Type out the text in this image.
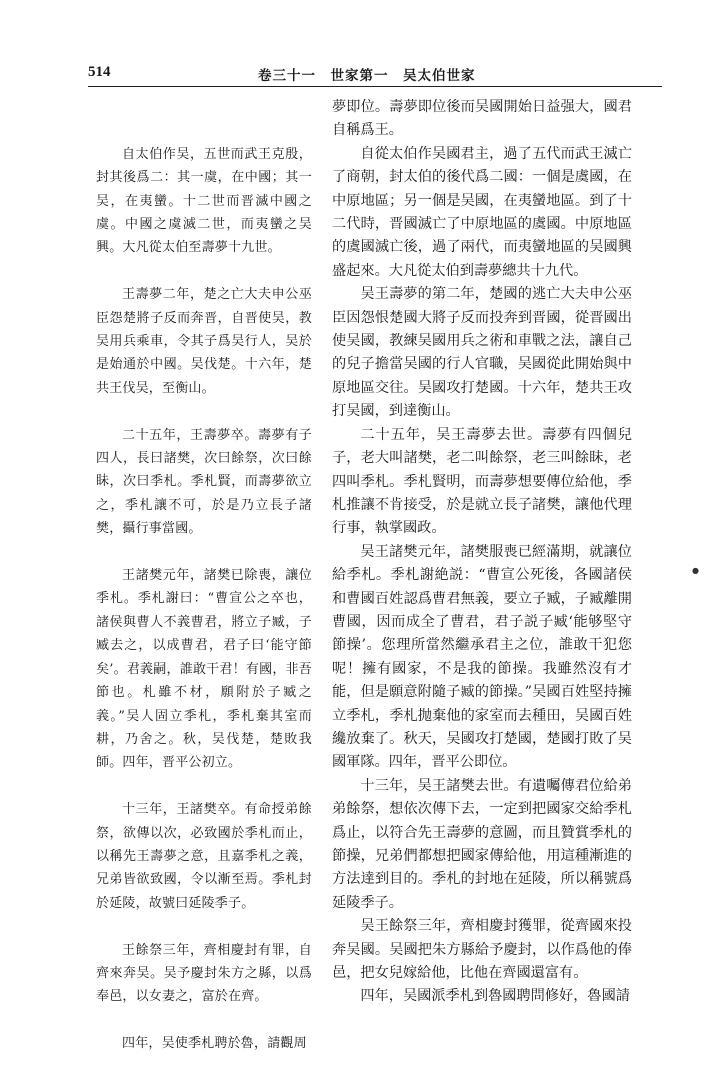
514	卷三十一　世家第一　吴太伯世家

自太伯作吴，五世而武王克殷，封其後爲二：其一虞，在中國；其一吴，在夷蠻。十二世而晋滅中國之虞。中國之虞滅二世，而夷蠻之吴興。大凡從太伯至壽夢十九世。

王壽夢二年，楚之亡大夫申公巫臣怨楚將子反而奔晋，自晋使吴，教吴用兵乘車，令其子爲吴行人，吴於是始通於中國。吴伐楚。十六年，楚共王伐吴，至衡山。

二十五年，王壽夢卒。壽夢有子四人，長曰諸樊，次曰餘祭，次曰餘眛，次曰季札。季札賢，而壽夢欲立之，季札讓不可，於是乃立長子諸樊，攝行事當國。

王諸樊元年，諸樊已除喪，讓位季札。季札謝曰：“曹宣公之卒也，諸侯與曹人不義曹君，將立子臧，子臧去之，以成曹君，君子曰‘能守節矣’。君義嗣，誰敢干君！有國，非吾節也。札雖不材，願附於子臧之義。”吴人固立季札，季札棄其室而耕，乃舍之。秋，吴伐楚，楚敗我師。四年，晋平公初立。

十三年，王諸樊卒。有命授弟餘祭，欲傳以次，必致國於季札而止，以稱先王壽夢之意，且嘉季札之義，兄弟皆欲致國，令以漸至焉。季札封於延陵，故號曰延陵季子。

王餘祭三年，齊相慶封有罪，自齊來奔吴。吴予慶封朱方之縣，以爲奉邑，以女妻之，富於在齊。

四年，吴使季札聘於魯，請觀周

夢即位。壽夢即位後而吴國開始日益强大，國君自稱爲王。

自從太伯作吴國君主，過了五代而武王滅亡了商朝，封太伯的後代爲二國：一個是虞國，在中原地區；另一個是吴國，在夷蠻地區。到了十二代時，晋國滅亡了中原地區的虞國。中原地區的虞國滅亡後，過了兩代，而夷蠻地區的吴國興盛起來。大凡從太伯到壽夢總共十九代。

吴王壽夢的第二年，楚國的逃亡大夫申公巫臣因怨恨楚國大將子反而投奔到晋國，從晋國出使吴國，教練吴國用兵之術和車戰之法，讓自己的兒子擔當吴國的行人官職，吴國從此開始與中原地區交往。吴國攻打楚國。十六年，楚共王攻打吴國，到達衡山。

二十五年，吴王壽夢去世。壽夢有四個兒子，老大叫諸樊，老二叫餘祭，老三叫餘眛，老四叫季札。季札賢明，而壽夢想要傳位給他，季札推讓不肯接受，於是就立長子諸樊，讓他代理行事，執掌國政。

吴王諸樊元年，諸樊服喪已經滿期，就讓位給季札。季札謝絶説：“曹宣公死後，各國諸侯和曹國百姓認爲曹君無義，要立子臧，子臧離開曹國，因而成全了曹君，君子説子臧‘能够堅守節操’。您理所當然繼承君主之位，誰敢干犯您呢！擁有國家，不是我的節操。我雖然沒有才能，但是願意附隨子臧的節操。”吴國百姓堅持擁立季札，季札抛棄他的家室而去種田，吴國百姓纔放棄了。秋天，吴國攻打楚國，楚國打敗了吴國軍隊。四年，晋平公即位。

十三年，吴王諸樊去世。有遺囑傳君位給弟弟餘祭，想依次傳下去，一定到把國家交給季札爲止，以符合先王壽夢的意圖，而且贊賞季札的節操，兄弟們都想把國家傳給他，用這種漸進的方法達到目的。季札的封地在延陵，所以稱號爲延陵季子。

吴王餘祭三年，齊相慶封獲罪，從齊國來投奔吴國。吴國把朱方縣給予慶封，以作爲他的俸邑，把女兒嫁給他，比他在齊國還富有。

四年，吴國派季札到魯國聘問修好，魯國請

●
